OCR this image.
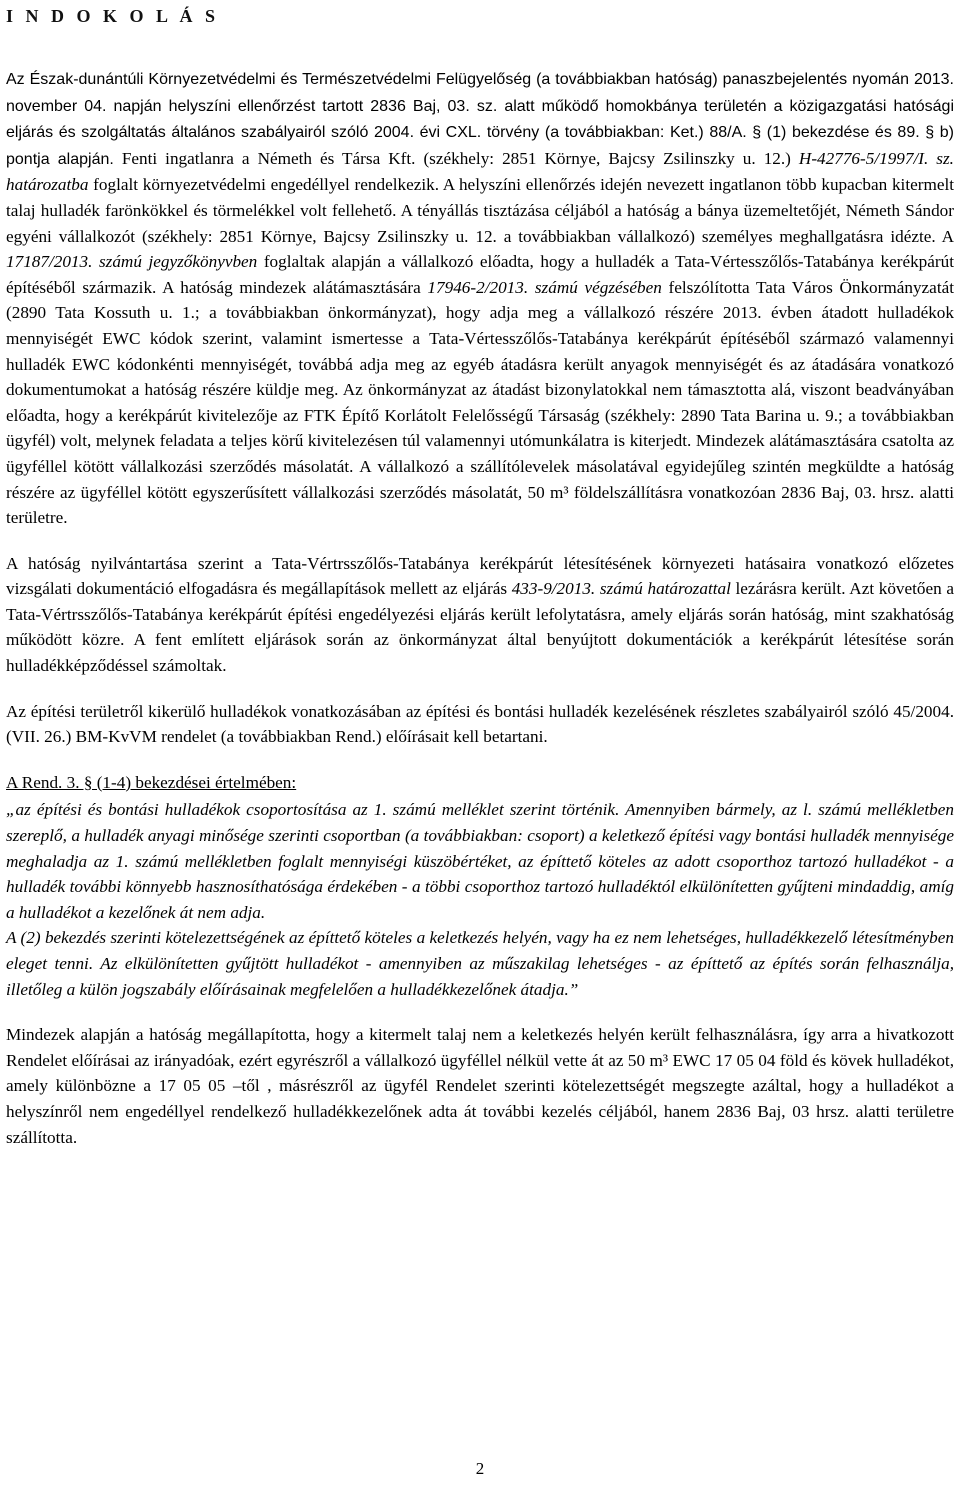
I N D O K O L Á S

Az Észak-dunántúli Környezetvédelmi és Természetvédelmi Felügyelőség (a továbbiakban hatóság) panaszbejelentés nyomán 2013. november 04. napján helyszíni ellenőrzést tartott 2836 Baj, 03. sz. alatt működő homokbánya területén a közigazgatási hatósági eljárás és szolgáltatás általános szabályairól szóló 2004. évi CXL. törvény (a továbbiakban: Ket.) 88/A. § (1) bekezdése és 89. § b) pontja alapján. Fenti ingatlanra a Németh és Társa Kft. (székhely: 2851 Környe, Bajcsy Zsilinszky u. 12.) H-42776-5/1997/I. sz. határozatba foglalt környezetvédelmi engedéllyel rendelkezik. A helyszíni ellenőrzés idején nevezett ingatlanon több kupacban kitermelt talaj hulladék farönkökkel és törmelékkel volt fellehető. A tényállás tisztázása céljából a hatóság a bánya üzemeltetőjét, Németh Sándor egyéni vállalkozót (székhely: 2851 Környe, Bajcsy Zsilinszky u. 12. a továbbiakban vállalkozó) személyes meghallgatásra idézte. A 17187/2013. számú jegyzőkönyvben foglaltak alapján a vállalkozó előadta, hogy a hulladék a Tata-Vértesszőlős-Tatabánya kerékpárút építéséből származik. A hatóság mindezek alátámasztására 17946-2/2013. számú végzésében felszólította Tata Város Önkormányzatát (2890 Tata Kossuth u. 1.; a továbbiakban önkormányzat), hogy adja meg a vállalkozó részére 2013. évben átadott hulladékok mennyiségét EWC kódok szerint, valamint ismertesse a Tata-Vértesszőlős-Tatabánya kerékpárút építéséből származó valamennyi hulladék EWC kódonkénti mennyiségét, továbbá adja meg az egyéb átadásra került anyagok mennyiségét és az átadására vonatkozó dokumentumokat a hatóság részére küldje meg. Az önkormányzat az átadást bizonylatokkal nem támasztotta alá, viszont beadványában előadta, hogy a kerékpárút kivitelezője az FTK Építő Korlátolt Felelősségű Társaság (székhely: 2890 Tata Barina u. 9.; a továbbiakban ügyfél) volt, melynek feladata a teljes körű kivitelezésen túl valamennyi utómunkálatra is kiterjedt. Mindezek alátámasztására csatolta az ügyféllel kötött vállalkozási szerződés másolatát. A vállalkozó a szállítólevelek másolatával egyidejűleg szintén megküldte a hatóság részére az ügyféllel kötött egyszerűsített vállalkozási szerződés másolatát, 50 m³ földelszállításra vonatkozóan 2836 Baj, 03. hrsz. alatti területre.

A hatóság nyilvántartása szerint a Tata-Vértrsszőlős-Tatabánya kerékpárút létesítésének környezeti hatásaira vonatkozó előzetes vizsgálati dokumentáció elfogadásra és megállapítások mellett az eljárás 433-9/2013. számú határozattal lezárásra került. Azt követően a Tata-Vértrsszőlős-Tatabánya kerékpárút építési engedélyezési eljárás került lefolytatásra, amely eljárás során hatóság, mint szakhatóság működött közre. A fent említett eljárások során az önkormányzat által benyújtott dokumentációk a kerékpárút létesítése során hulladékképződéssel számoltak.

Az építési területről kikerülő hulladékok vonatkozásában az építési és bontási hulladék kezelésének részletes szabályairól szóló 45/2004. (VII. 26.) BM-KvVM rendelet (a továbbiakban Rend.) előírásait kell betartani.

A Rend. 3. § (1-4) bekezdései értelmében:

„az építési és bontási hulladékok csoportosítása az 1. számú melléklet szerint történik. Amennyiben bármely, az l. számú mellékletben szereplő, a hulladék anyagi minősége szerinti csoportban (a továbbiakban: csoport) a keletkező építési vagy bontási hulladék mennyisége meghaladja az 1. számú mellékletben foglalt mennyiségi küszöbértéket, az építtető köteles az adott csoporthoz tartozó hulladékot - a hulladék további könnyebb hasznosíthatósága érdekében - a többi csoporthoz tartozó hulladéktól elkülönítetten gyűjteni mindaddig, amíg a hulladékot a kezelőnek át nem adja.
A (2) bekezdés szerinti kötelezettségének az építtető köteles a keletkezés helyén, vagy ha ez nem lehetséges, hulladékkezelő létesítményben eleget tenni. Az elkülönítetten gyűjtött hulladékot - amennyiben az műszakilag lehetséges - az építtető az építés során felhasználja, illetőleg a külön jogszabály előírásainak megfelelően a hulladékkezelőnek átadja.”

Mindezek alapján a hatóság megállapította, hogy a kitermelt talaj nem a keletkezés helyén került felhasználásra, így arra a hivatkozott Rendelet előírásai az irányadóak, ezért egyrészről a vállalkozó ügyféllel nélkül vette át az 50 m³ EWC 17 05 04 föld és kövek hulladékot, amely különbözne a 17 05 05 –től , másrészről az ügyfél Rendelet szerinti kötelezettségét megszegte azáltal, hogy a hulladékot a helyszínről nem engedéllyel rendelkező hulladékkezelőnek adta át további kezelés céljából, hanem 2836 Baj, 03 hrsz. alatti területre szállította.

2
